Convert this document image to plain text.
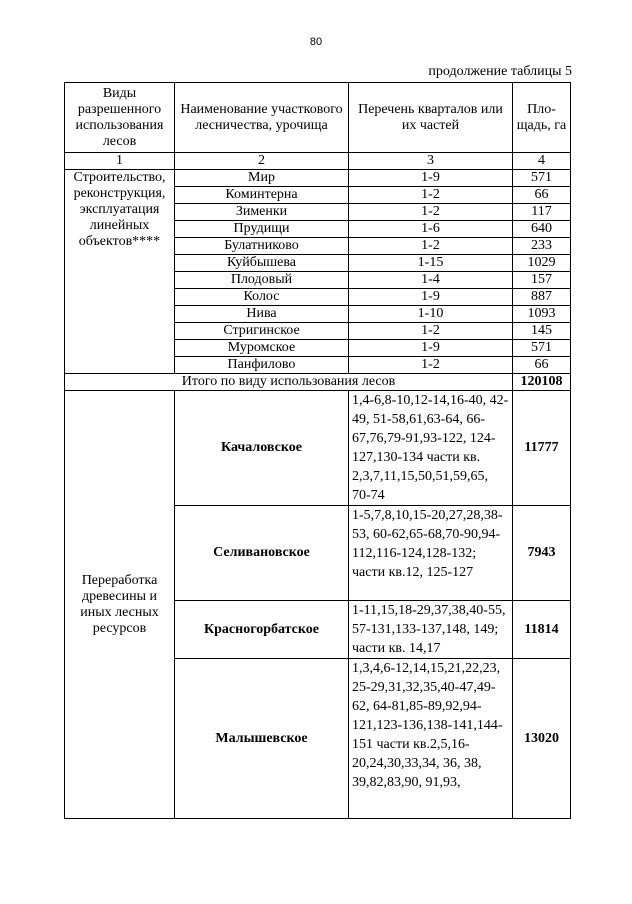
80
продолжение таблицы 5
Виды разрешенного использования лесов	Наименование участкового лесничества, урочища	Перечень кварталов или их частей	Пло-щадь, га
1	2	3	4
Строительство, реконструкция, эксплуатация линейных объектов****	Мир	1-9	571
	Коминтерна	1-2	66
	Зименки	1-2	117
	Прудищи	1-6	640
	Булатниково	1-2	233
	Куйбышева	1-15	1029
	Плодовый	1-4	157
	Колос	1-9	887
	Нива	1-10	1093
	Стригинское	1-2	145
	Муромское	1-9	571
	Панфилово	1-2	66
Итого по виду использования лесов			120108
Переработка древесины и иных лесных ресурсов	Качаловское	1,4-6,8-10,12-14,16-40, 42-49, 51-58,61,63-64, 66-67,76,79-91,93-122, 124-127,130-134 части кв. 2,3,7,11,15,50,51,59,65, 70-74	11777
	Селивановское	1-5,7,8,10,15-20,27,28,38-53, 60-62,65-68,70-90,94-112,116-124,128-132; части кв.12, 125-127	7943
	Красногорбатское	1-11,15,18-29,37,38,40-55, 57-131,133-137,148, 149; части кв. 14,17	11814
	Малышевское	1,3,4,6-12,14,15,21,22,23, 25-29,31,32,35,40-47,49-62, 64-81,85-89,92,94-121,123-136,138-141,144-151 части кв.2,5,16-20,24,30,33,34, 36, 38, 39,82,83,90, 91,93,	13020
